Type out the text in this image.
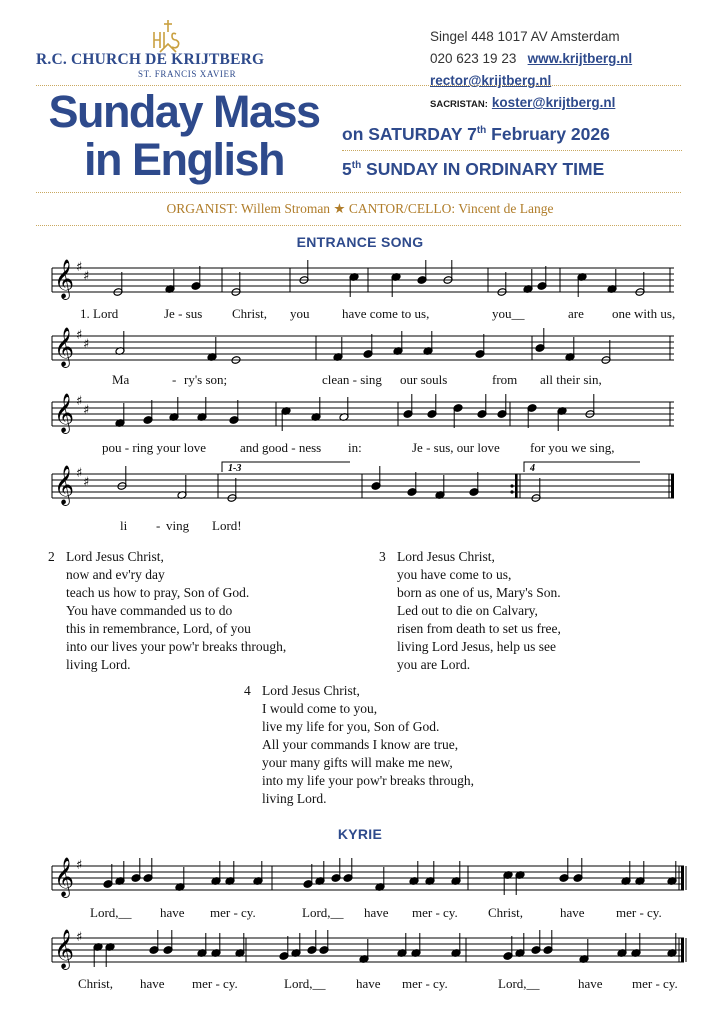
R.C. CHURCH DE KRIJTBERG
ST. FRANCIS XAVIER
Singel 448 1017 AV Amsterdam
020 623 19 23 www.krijtberg.nl
rector@krijtberg.nl
SACRISTAN: koster@krijtberg.nl
Sunday Mass
in English	on SATURDAY 7th February 2026
5th SUNDAY IN ORDINARY TIME
ORGANIST: Willem Stroman ★ CANTOR/CELLO: Vincent de Lange
ENTRANCE SONG
𝄞 ♯
♯
1. Lord	Je - sus Christ, you	have come to us,	you__	are one with us,
𝄞 ♯
♯
Ma	- ry's son;	clean - sing our souls	from all their sin,
𝄞 ♯
♯
pou - ring your love	and good - ness in:	Je - sus, our love for you we sing,
𝄞 ♯
♯
1-3	4
li - ving Lord!
2 Lord Jesus Christ,
now and ev'ry day
teach us how to pray, Son of God.
You have commanded us to do
this in remembrance, Lord, of you
into our lives your pow'r breaks through,
living Lord.
3 Lord Jesus Christ,
you have come to us,
born as one of us, Mary's Son.
Led out to die on Calvary,
risen from death to set us free,
living Lord Jesus, help us see
you are Lord.
4 Lord Jesus Christ,
I would come to you,
live my life for you, Son of God.
All your commands I know are true,
your many gifts will make me new,
into my life your pow'r breaks through,
living Lord.
KYRIE
𝄞 ♯
Lord,__ have mer - cy.	Lord,__ have mer - cy. Christ,	have mer - cy.
𝄞 ♯
Christ, have mer - cy.	Lord,__ have mer - cy.	Lord,__	have mer - cy.
